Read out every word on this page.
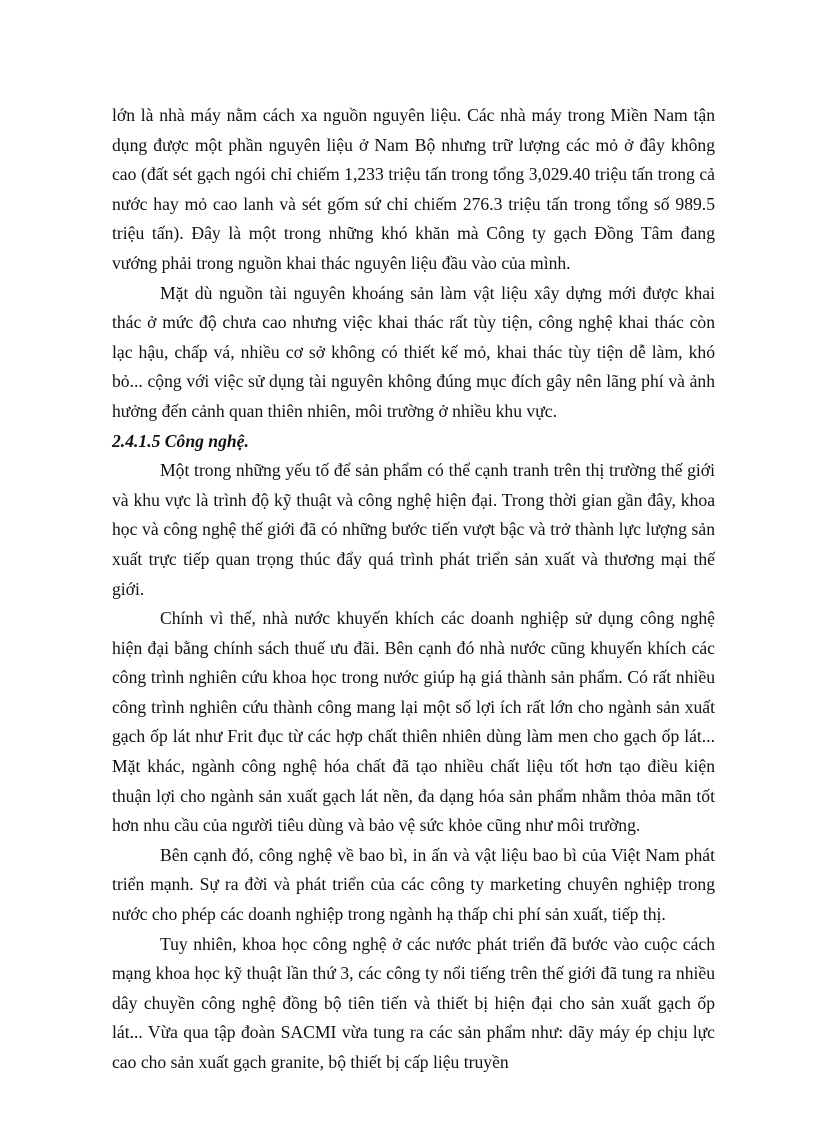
lớn là nhà máy nằm cách xa nguồn nguyên liệu. Các nhà máy trong Miền Nam tận dụng được một phần nguyên liệu ở Nam Bộ nhưng trữ lượng các mỏ ở đây không cao (đất sét gạch ngói chỉ chiếm 1,233 triệu tấn trong tổng 3,029.40 triệu tấn trong cả nước hay mỏ cao lanh và sét gốm sứ chỉ chiếm 276.3 triệu tấn trong tổng số 989.5 triệu tấn). Đây là một trong những khó khăn mà Công ty gạch Đồng Tâm đang vướng phải trong nguồn khai thác nguyên liệu đầu vào của mình.

Mặt dù nguồn tài nguyên khoáng sản làm vật liệu xây dựng mới được khai thác ở mức độ chưa cao nhưng việc khai thác rất tùy tiện, công nghệ khai thác còn lạc hậu, chấp vá, nhiều cơ sở không có thiết kế mỏ, khai thác tùy tiện dễ làm, khó bỏ... cộng với việc sử dụng tài nguyên không đúng mục đích gây nên lãng phí và ảnh hưởng đến cảnh quan thiên nhiên, môi trường ở nhiều khu vực.

2.4.1.5 Công nghệ.

Một trong những yếu tố để sản phẩm có thể cạnh tranh trên thị trường thế giới và khu vực là trình độ kỹ thuật và công nghệ hiện đại. Trong thời gian gần đây, khoa học và công nghệ thế giới đã có những bước tiến vượt bậc và trở thành lực lượng sản xuất trực tiếp quan trọng thúc đẩy quá trình phát triển sản xuất và thương mại thế giới.

Chính vì thế, nhà nước khuyến khích các doanh nghiệp sử dụng công nghệ hiện đại bằng chính sách thuế ưu đãi. Bên cạnh đó nhà nước cũng khuyến khích các công trình nghiên cứu khoa học trong nước giúp hạ giá thành sản phẩm. Có rất nhiều công trình nghiên cứu thành công mang lại một số lợi ích rất lớn cho ngành sản xuất gạch ốp lát như Frit đục từ các hợp chất thiên nhiên dùng làm men cho gạch ốp lát... Mặt khác, ngành công nghệ hóa chất đã tạo nhiều chất liệu tốt hơn tạo điều kiện thuận lợi cho ngành sản xuất gạch lát nền, đa dạng hóa sản phẩm nhằm thỏa mãn tốt hơn nhu cầu của người tiêu dùng và bảo vệ sức khỏe cũng như môi trường.

Bên cạnh đó, công nghệ về bao bì, in ấn và vật liệu bao bì của Việt Nam phát triển mạnh. Sự ra đời và phát triển của các công ty marketing chuyên nghiệp trong nước cho phép các doanh nghiệp trong ngành hạ thấp chi phí sản xuất, tiếp thị.

Tuy nhiên, khoa học công nghệ ở các nước phát triển đã bước vào cuộc cách mạng khoa học kỹ thuật lần thứ 3, các công ty nổi tiếng trên thế giới đã tung ra nhiều dây chuyền công nghệ đồng bộ tiên tiến và thiết bị hiện đại cho sản xuất gạch ốp lát... Vừa qua tập đoàn SACMI vừa tung ra các sản phẩm như: dãy máy ép chịu lực cao cho sản xuất gạch granite, bộ thiết bị cấp liệu truyền
